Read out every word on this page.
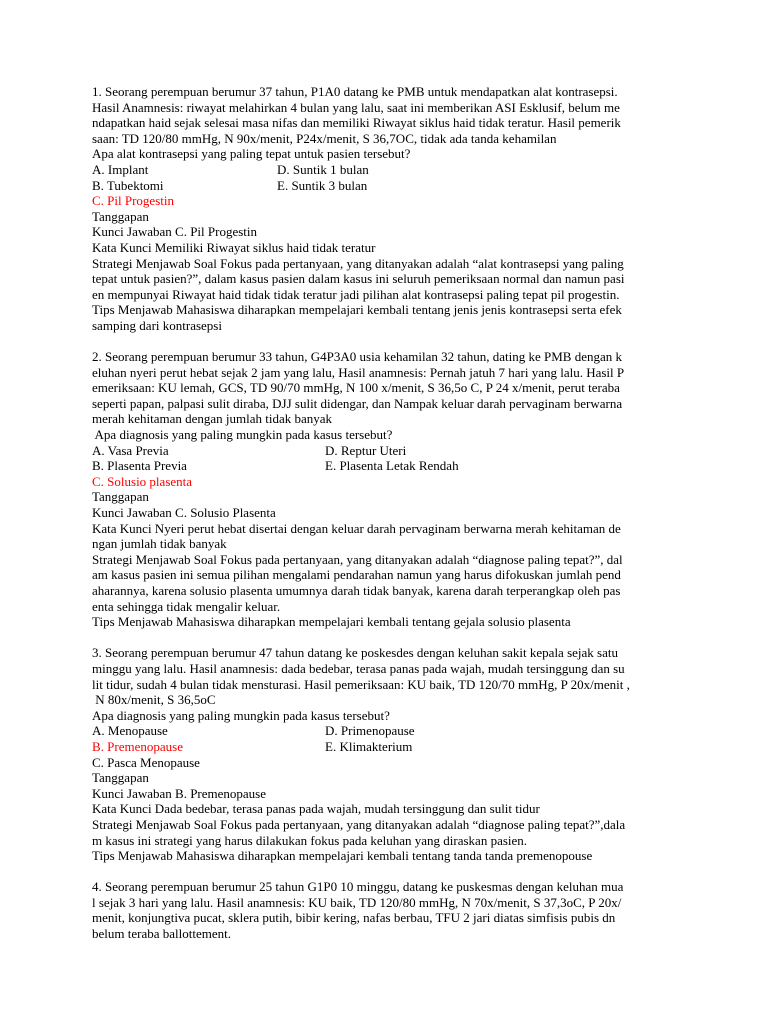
1. Seorang perempuan berumur 37 tahun, P1A0 datang ke PMB untuk mendapatkan alat kontrasepsi.
Hasil Anamnesis: riwayat melahirkan 4 bulan yang lalu, saat ini memberikan ASI Esklusif, belum me
ndapatkan haid sejak selesai masa nifas dan memiliki Riwayat siklus haid tidak teratur. Hasil pemerik
saan: TD 120/80 mmHg, N 90x/menit, P24x/menit, S 36,7OC, tidak ada tanda kehamilan
Apa alat kontrasepsi yang paling tepat untuk pasien tersebut?
A. Implant	D. Suntik 1 bulan
B. Tubektomi	E. Suntik 3 bulan
C. Pil Progestin
Tanggapan
Kunci Jawaban C. Pil Progestin
Kata Kunci Memiliki Riwayat siklus haid tidak teratur
Strategi Menjawab Soal Fokus pada pertanyaan, yang ditanyakan adalah “alat kontrasepsi yang paling
tepat untuk pasien?”, dalam kasus pasien dalam kasus ini seluruh pemeriksaan normal dan namun pasi
en mempunyai Riwayat haid tidak tidak teratur jadi pilihan alat kontrasepsi paling tepat pil progestin.
Tips Menjawab Mahasiswa diharapkan mempelajari kembali tentang jenis jenis kontrasepsi serta efek
samping dari kontrasepsi
2. Seorang perempuan berumur 33 tahun, G4P3A0 usia kehamilan 32 tahun, dating ke PMB dengan k
eluhan nyeri perut hebat sejak 2 jam yang lalu, Hasil anamnesis: Pernah jatuh 7 hari yang lalu. Hasil P
emeriksaan: KU lemah, GCS, TD 90/70 mmHg, N 100 x/menit, S 36,5o C, P 24 x/menit, perut teraba
seperti papan, palpasi sulit diraba, DJJ sulit didengar, dan Nampak keluar darah pervaginam berwarna
merah kehitaman dengan jumlah tidak banyak
Apa diagnosis yang paling mungkin pada kasus tersebut?
A. Vasa Previa	D. Reptur Uteri
B. Plasenta Previa	E. Plasenta Letak Rendah
C. Solusio plasenta
Tanggapan
Kunci Jawaban C. Solusio Plasenta
Kata Kunci Nyeri perut hebat disertai dengan keluar darah pervaginam berwarna merah kehitaman de
ngan jumlah tidak banyak
Strategi Menjawab Soal Fokus pada pertanyaan, yang ditanyakan adalah “diagnose paling tepat?”, dal
am kasus pasien ini semua pilihan mengalami pendarahan namun yang harus difokuskan jumlah pend
aharannya, karena solusio plasenta umumnya darah tidak banyak, karena darah terperangkap oleh pas
enta sehingga tidak mengalir keluar.
Tips Menjawab Mahasiswa diharapkan mempelajari kembali tentang gejala solusio plasenta
3. Seorang perempuan berumur 47 tahun datang ke poskesdes dengan keluhan sakit kepala sejak satu
minggu yang lalu. Hasil anamnesis: dada bedebar, terasa panas pada wajah, mudah tersinggung dan su
lit tidur, sudah 4 bulan tidak mensturasi. Hasil pemeriksaan: KU baik, TD 120/70 mmHg, P 20x/menit ,
N 80x/menit, S 36,5oC
Apa diagnosis yang paling mungkin pada kasus tersebut?
A. Menopause	D. Primenopause
B. Premenopause	E. Klimakterium
C. Pasca Menopause
Tanggapan
Kunci Jawaban B. Premenopause
Kata Kunci Dada bedebar, terasa panas pada wajah, mudah tersinggung dan sulit tidur
Strategi Menjawab Soal Fokus pada pertanyaan, yang ditanyakan adalah “diagnose paling tepat?”,dala
m kasus ini strategi yang harus dilakukan fokus pada keluhan yang diraskan pasien.
Tips Menjawab Mahasiswa diharapkan mempelajari kembali tentang tanda tanda premenopouse
4. Seorang perempuan berumur 25 tahun G1P0 10 minggu, datang ke puskesmas dengan keluhan mua
l sejak 3 hari yang lalu. Hasil anamnesis: KU baik, TD 120/80 mmHg, N 70x/menit, S 37,3oC, P 20x/
menit, konjungtiva pucat, sklera putih, bibir kering, nafas berbau, TFU 2 jari diatas simfisis pubis dn
belum teraba ballottement.
